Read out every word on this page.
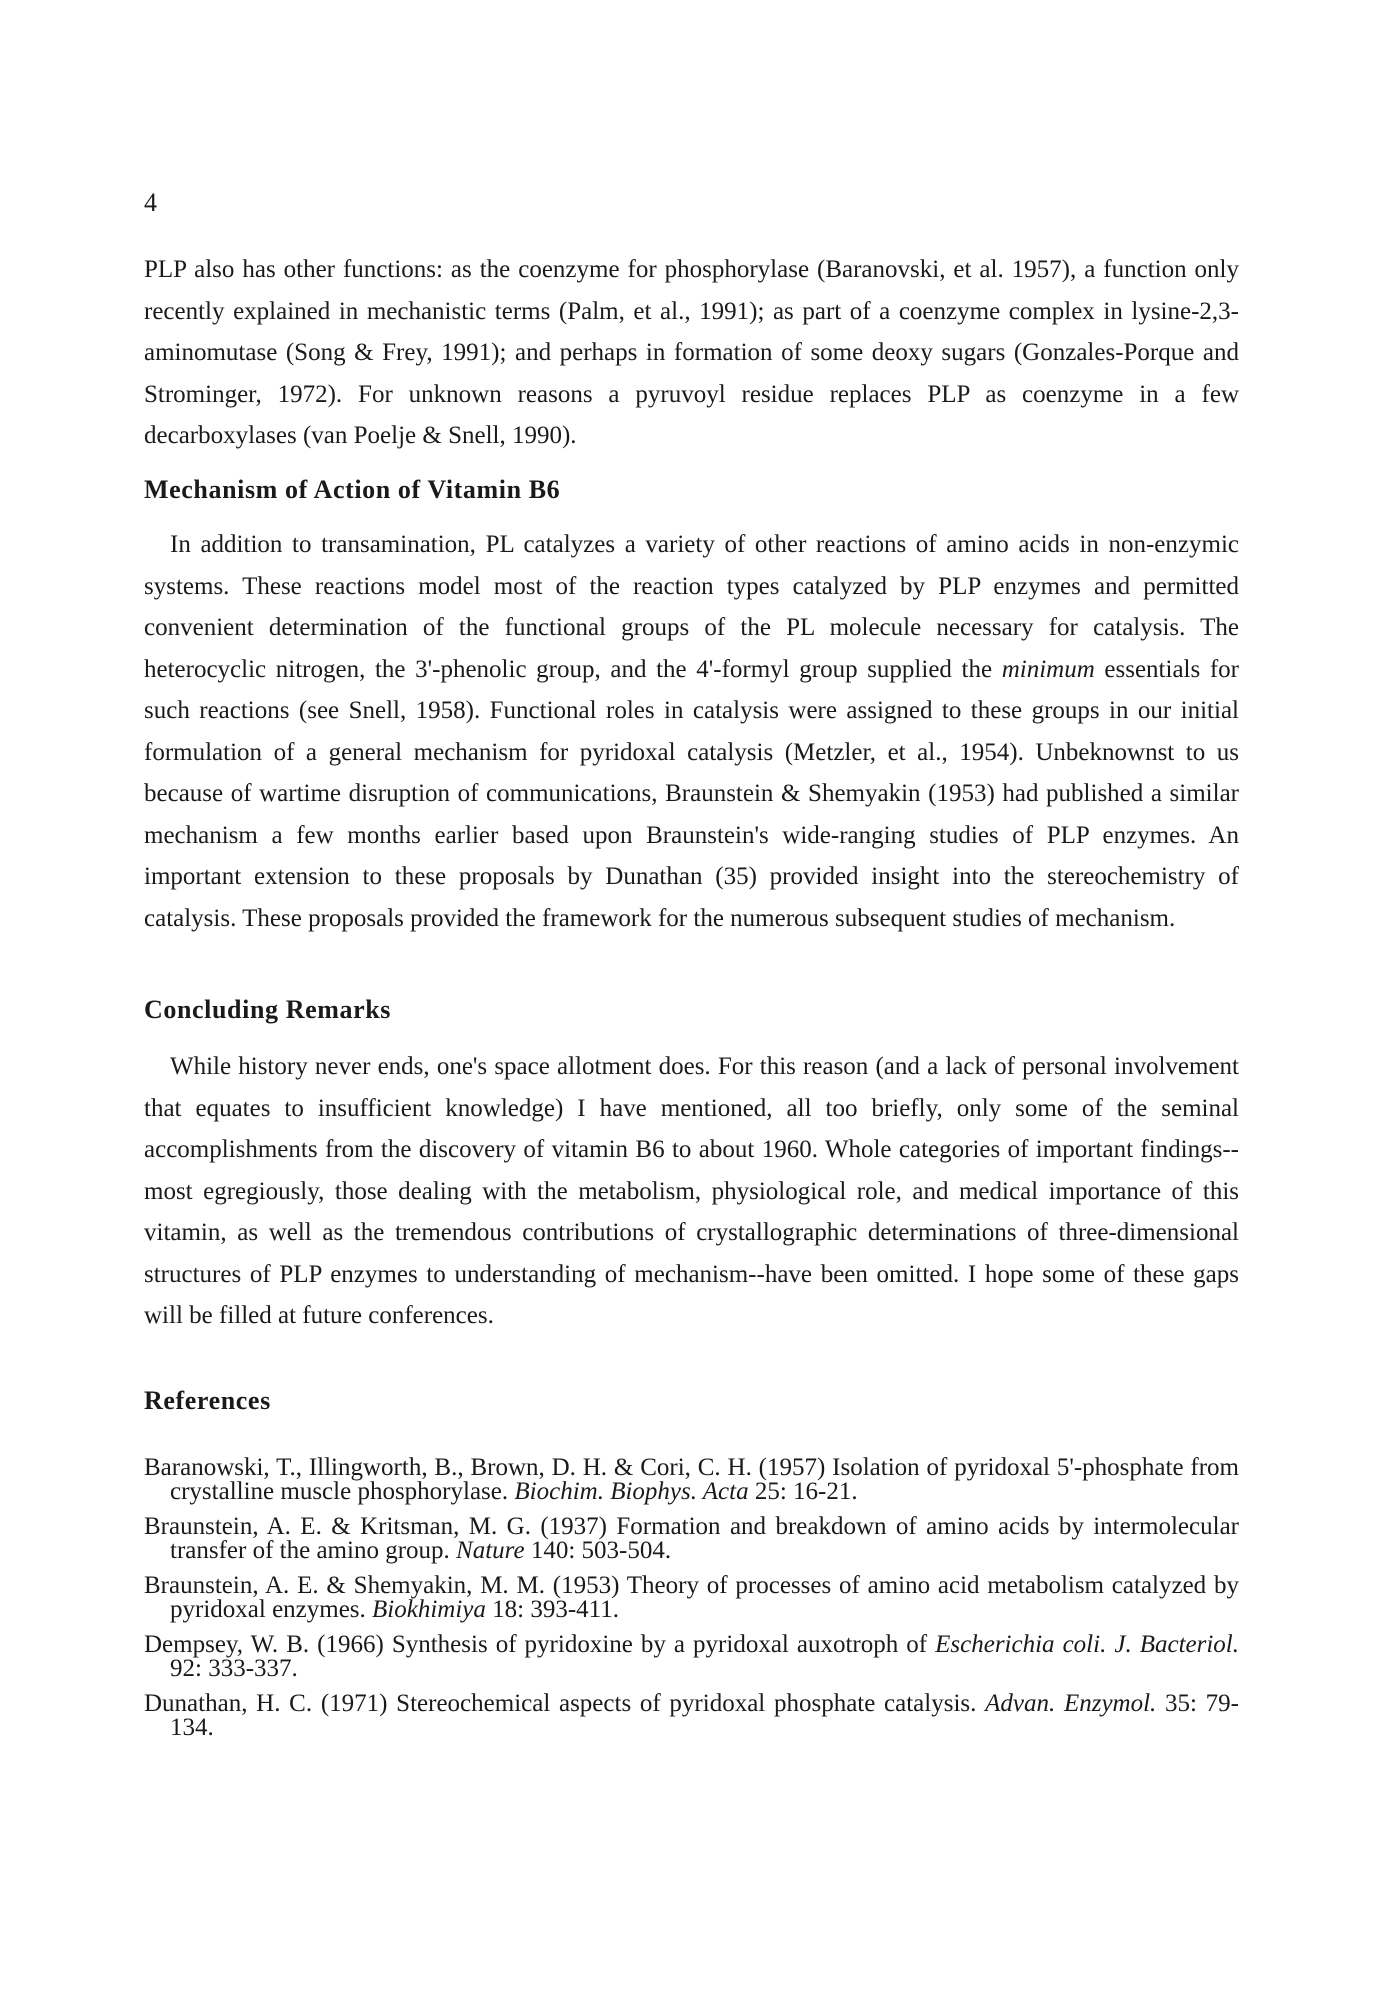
4

PLP also has other functions: as the coenzyme for phosphorylase (Baranovski, et al. 1957), a function only recently explained in mechanistic terms (Palm, et al., 1991); as part of a coenzyme complex in lysine-2,3-aminomutase (Song & Frey, 1991); and perhaps in formation of some deoxy sugars (Gonzales-Porque and Strominger, 1972). For unknown reasons a pyruvoyl residue replaces PLP as coenzyme in a few decarboxylases (van Poelje & Snell, 1990).

Mechanism of Action of Vitamin B6

In addition to transamination, PL catalyzes a variety of other reactions of amino acids in non-enzymic systems. These reactions model most of the reaction types catalyzed by PLP enzymes and permitted convenient determination of the functional groups of the PL molecule necessary for catalysis. The heterocyclic nitrogen, the 3'-phenolic group, and the 4'-formyl group supplied the minimum essentials for such reactions (see Snell, 1958). Functional roles in catalysis were assigned to these groups in our initial formulation of a general mechanism for pyridoxal catalysis (Metzler, et al., 1954). Unbeknownst to us because of wartime disruption of communications, Braunstein & Shemyakin (1953) had published a similar mechanism a few months earlier based upon Braunstein's wide-ranging studies of PLP enzymes. An important extension to these proposals by Dunathan (35) provided insight into the stereochemistry of catalysis. These proposals provided the framework for the numerous subsequent studies of mechanism.

Concluding Remarks

While history never ends, one's space allotment does. For this reason (and a lack of personal involvement that equates to insufficient knowledge) I have mentioned, all too briefly, only some of the seminal accomplishments from the discovery of vitamin B6 to about 1960. Whole categories of important findings--most egregiously, those dealing with the metabolism, physiological role, and medical importance of this vitamin, as well as the tremendous contributions of crystallographic determinations of three-dimensional structures of PLP enzymes to understanding of mechanism--have been omitted. I hope some of these gaps will be filled at future conferences.

References
Baranowski, T., Illingworth, B., Brown, D. H. & Cori, C. H. (1957) Isolation of pyridoxal 5'-phosphate from crystalline muscle phosphorylase. Biochim. Biophys. Acta 25: 16-21.
Braunstein, A. E. & Kritsman, M. G. (1937) Formation and breakdown of amino acids by intermolecular transfer of the amino group. Nature 140: 503-504.
Braunstein, A. E. & Shemyakin, M. M. (1953) Theory of processes of amino acid metabolism catalyzed by pyridoxal enzymes. Biokhimiya 18: 393-411.
Dempsey, W. B. (1966) Synthesis of pyridoxine by a pyridoxal auxotroph of Escherichia coli. J. Bacteriol. 92: 333-337.
Dunathan, H. C. (1971) Stereochemical aspects of pyridoxal phosphate catalysis. Advan. Enzymol. 35: 79-134.
